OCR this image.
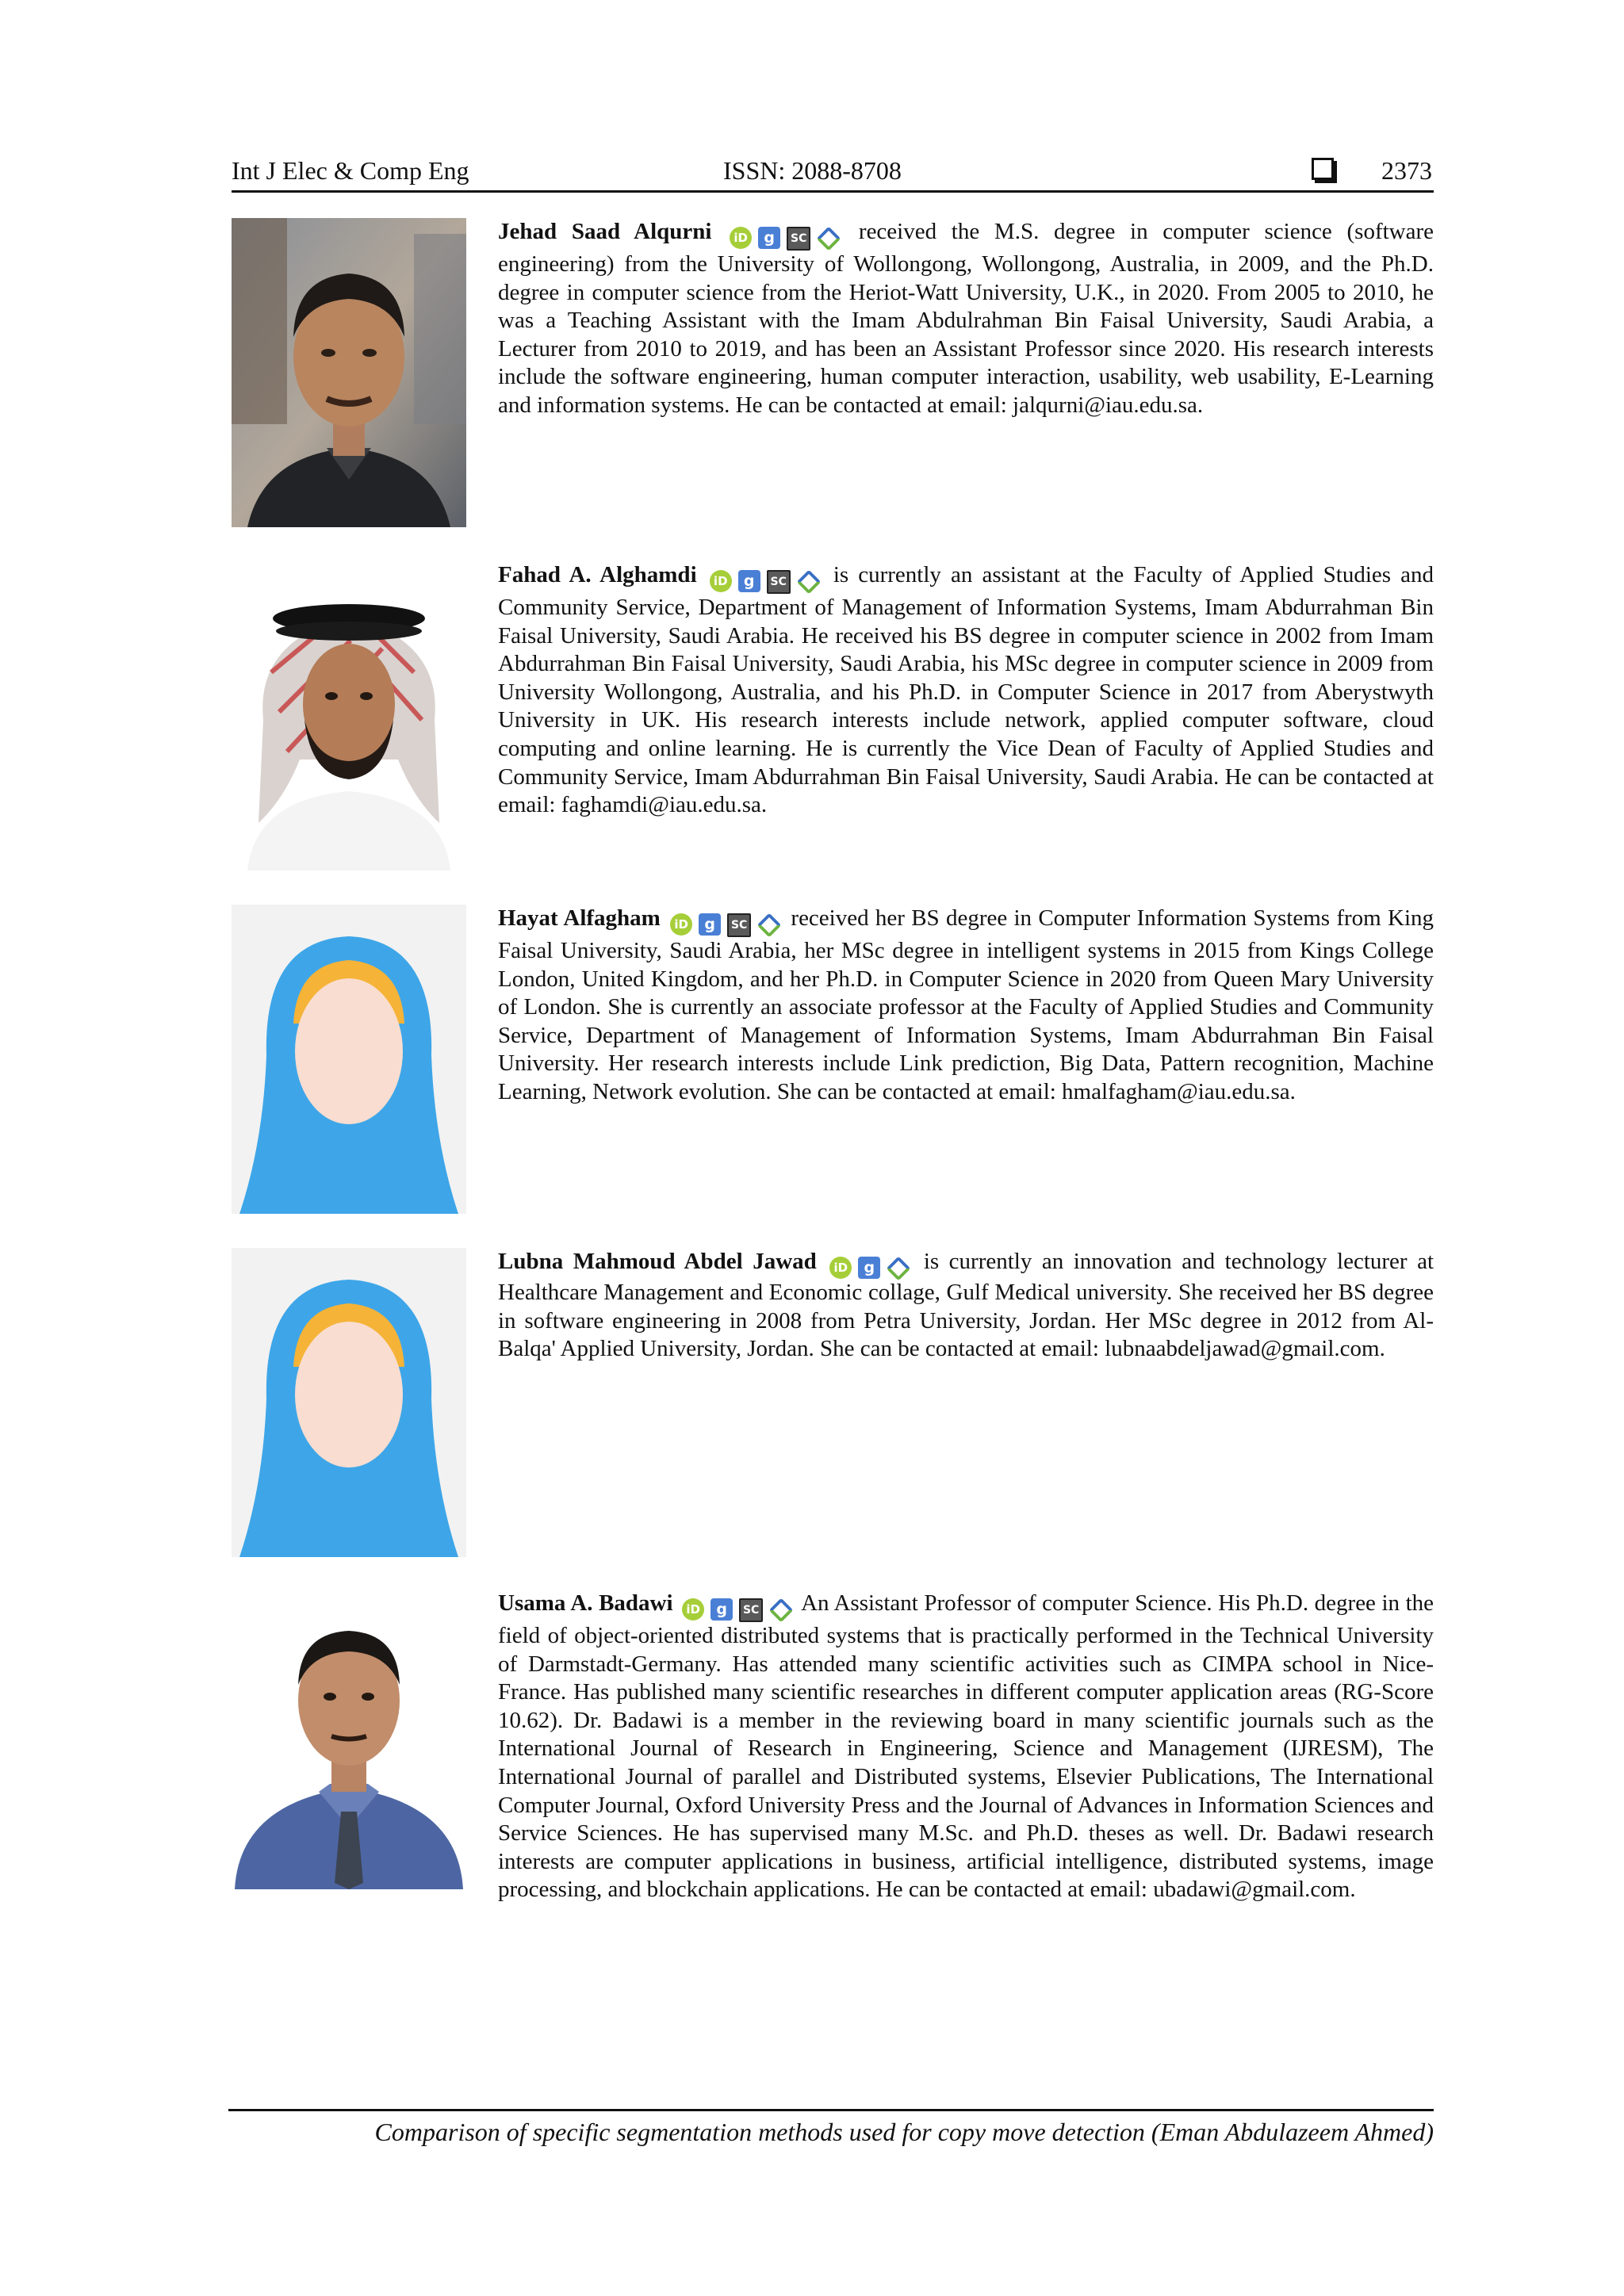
Int J Elec & Comp Eng	ISSN: 2088-8708	2373
Jehad Saad Alqurni	iD	g	SC received the M.S. degree in computer science (software engineering) from the University of Wollongong, Wollongong, Australia, in 2009, and the Ph.D. degree in computer science from the Heriot-Watt University, U.K., in 2020. From 2005 to 2010, he was a Teaching Assistant with the Imam Abdulrahman Bin Faisal University, Saudi Arabia, a Lecturer from 2010 to 2019, and has been an Assistant Professor since 2020. His research interests include the software engineering, human computer interaction, usability, web usability, E-Learning and information systems. He can be contacted at email: jalqurni@iau.edu.sa.
Fahad A. Alghamdi	iD	g	SC is currently an assistant at the Faculty of Applied Studies and Community Service, Department of Management of Information Systems, Imam Abdurrahman Bin Faisal University, Saudi Arabia. He received his BS degree in computer science in 2002 from Imam Abdurrahman Bin Faisal University, Saudi Arabia, his MSc degree in computer science in 2009 from University Wollongong, Australia, and his Ph.D. in Computer Science in 2017 from Aberystwyth University in UK. His research interests include network, applied computer software, cloud computing and online learning. He is currently the Vice Dean of Faculty of Applied Studies and Community Service, Imam Abdurrahman Bin Faisal University, Saudi Arabia. He can be contacted at email: faghamdi@iau.edu.sa.
Hayat Alfagham	iD	g	SC received her BS degree in Computer Information Systems from King Faisal University, Saudi Arabia, her MSc degree in intelligent systems in 2015 from Kings College London, United Kingdom, and her Ph.D. in Computer Science in 2020 from Queen Mary University of London. She is currently an associate professor at the Faculty of Applied Studies and Community Service, Department of Management of Information Systems, Imam Abdurrahman Bin Faisal University. Her research interests include Link prediction, Big Data, Pattern recognition, Machine Learning, Network evolution. She can be contacted at email: hmalfagham@iau.edu.sa.
Lubna Mahmoud Abdel Jawad	iD	g is currently an innovation and technology lecturer at Healthcare Management and Economic collage, Gulf Medical university. She received her BS degree in software engineering in 2008 from Petra University, Jordan. Her MSc degree in 2012 from Al-Balqa' Applied University, Jordan. She can be contacted at email: lubnaabdeljawad@gmail.com.
Usama A. Badawi	iD	g	SC An Assistant Professor of computer Science. His Ph.D. degree in the field of object-oriented distributed systems that is practically performed in the Technical University of Darmstadt-Germany. Has attended many scientific activities such as CIMPA school in Nice-France. Has published many scientific researches in different computer application areas (RG-Score 10.62). Dr. Badawi is a member in the reviewing board in many scientific journals such as the International Journal of Research in Engineering, Science and Management (IJRESM), The International Journal of parallel and Distributed systems, Elsevier Publications, The International Computer Journal, Oxford University Press and the Journal of Advances in Information Sciences and Service Sciences. He has supervised many M.Sc. and Ph.D. theses as well. Dr. Badawi research interests are computer applications in business, artificial intelligence, distributed systems, image processing, and blockchain applications. He can be contacted at email: ubadawi@gmail.com.
Comparison of specific segmentation methods used for copy move detection (Eman Abdulazeem Ahmed)
